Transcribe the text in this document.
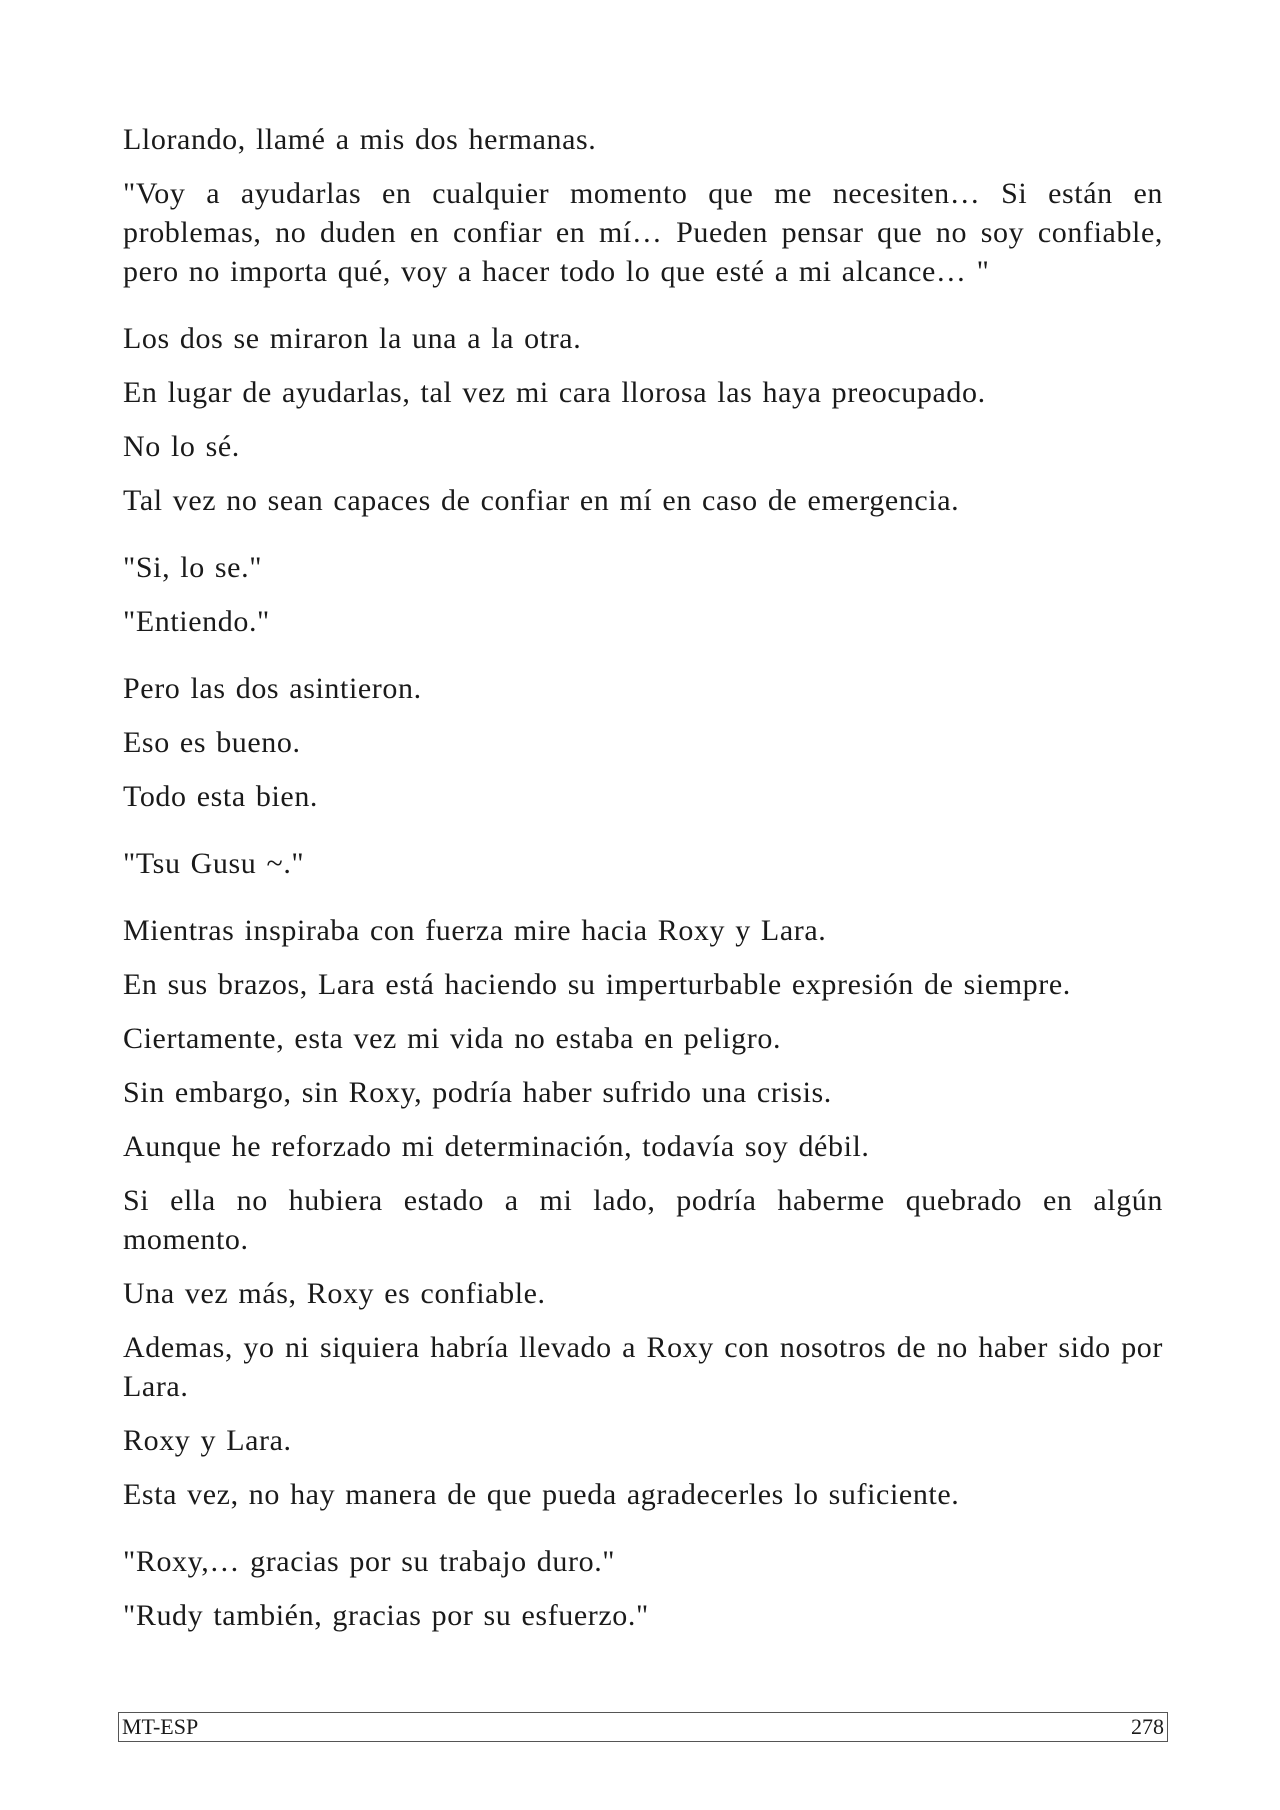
Llorando, llamé a mis dos hermanas.

"Voy a ayudarlas en cualquier momento que me necesiten… Si están en problemas, no duden en confiar en mí… Pueden pensar que no soy confiable, pero no importa qué, voy a hacer todo lo que esté a mi alcance… "

Los dos se miraron la una a la otra.

En lugar de ayudarlas, tal vez mi cara llorosa las haya preocupado.

No lo sé.

Tal vez no sean capaces de confiar en mí en caso de emergencia.

"Si, lo se."

"Entiendo."

Pero las dos asintieron.

Eso es bueno.

Todo esta bien.

"Tsu Gusu ~."

Mientras inspiraba con fuerza mire hacia Roxy y Lara.

En sus brazos, Lara está haciendo su imperturbable expresión de siempre.

Ciertamente, esta vez mi vida no estaba en peligro.

Sin embargo, sin Roxy, podría haber sufrido una crisis.

Aunque he reforzado mi determinación, todavía soy débil.

Si ella no hubiera estado a mi lado, podría haberme quebrado en algún momento.

Una vez más, Roxy es confiable.

Ademas, yo ni siquiera habría llevado a Roxy con nosotros de no haber sido por Lara.

Roxy y Lara.

Esta vez, no hay manera de que pueda agradecerles lo suficiente.

"Roxy,… gracias por su trabajo duro."

"Rudy también, gracias por su esfuerzo."

MT-ESP	278
